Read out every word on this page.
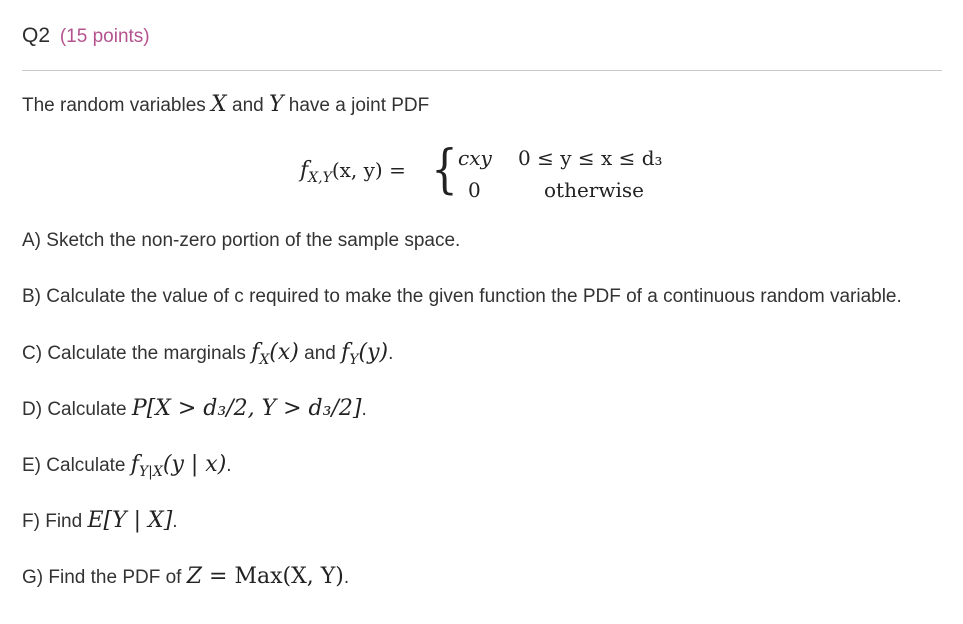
Q2 (15 points)
The random variables X and Y have a joint PDF
fX,Y(x, y) = { cxy 0 ≤ y ≤ x ≤ d₃
0	otherwise
A) Sketch the non-zero portion of the sample space.
B) Calculate the value of c required to make the given function the PDF of a continuous random variable.
C) Calculate the marginals $f_X(x)$ and $f_Y(y)$.
D) Calculate P[X > d₃/2, Y > d₃/2].
E) Calculate $f_{Y|X}(y$ | x).
F) Find E[Y | X].
G) Find the PDF of Z = Max(X, Y).
